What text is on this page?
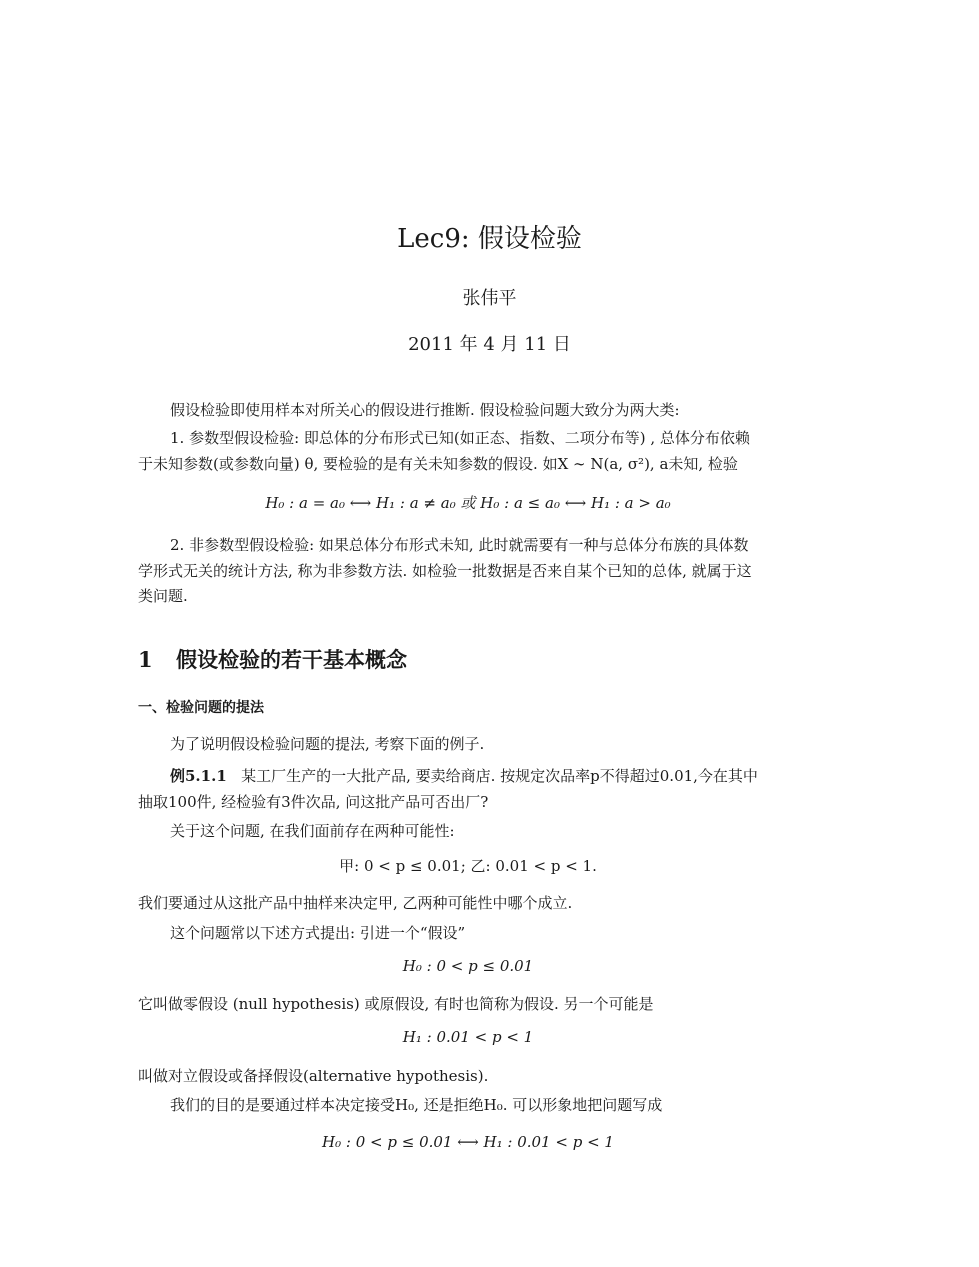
Lec9: 假设检验
张伟平
2011 年 4 月 11 日

假设检验即使用样本对所关心的假设进行推断. 假设检验问题大致分为两大类:

1. 参数型假设检验: 即总体的分布形式已知(如正态、指数、二项分布等) , 总体分布依赖
于未知参数(或参数向量) θ, 要检验的是有关未知参数的假设. 如X ∼ N(a, σ²), a未知, 检验
H₀ : a = a₀ ⟷ H₁ : a ≠ a₀ 或 H₀ : a ≤ a₀ ⟷ H₁ : a > a₀
2. 非参数型假设检验: 如果总体分布形式未知, 此时就需要有一种与总体分布族的具体数
学形式无关的统计方法, 称为非参数方法. 如检验一批数据是否来自某个已知的总体, 就属于这
类问题.
1 假设检验的若干基本概念
一、检验问题的提法

为了说明假设检验问题的提法, 考察下面的例子.

例5.1.1 某工厂生产的一大批产品, 要卖给商店. 按规定次品率p不得超过0.01,今在其中
抽取100件, 经检验有3件次品, 问这批产品可否出厂?

关于这个问题, 在我们面前存在两种可能性:

甲: 0 < p ≤ 0.01; 乙: 0.01 < p < 1.

我们要通过从这批产品中抽样来决定甲, 乙两种可能性中哪个成立.

这个问题常以下述方式提出: 引进一个“假设”

H₀ : 0 < p ≤ 0.01

它叫做零假设 (null hypothesis) 或原假设, 有时也简称为假设. 另一个可能是

H₁ : 0.01 < p < 1

叫做对立假设或备择假设(alternative hypothesis).

我们的目的是要通过样本决定接受H₀, 还是拒绝H₀. 可以形象地把问题写成

H₀ : 0 < p ≤ 0.01 ⟷ H₁ : 0.01 < p < 1
